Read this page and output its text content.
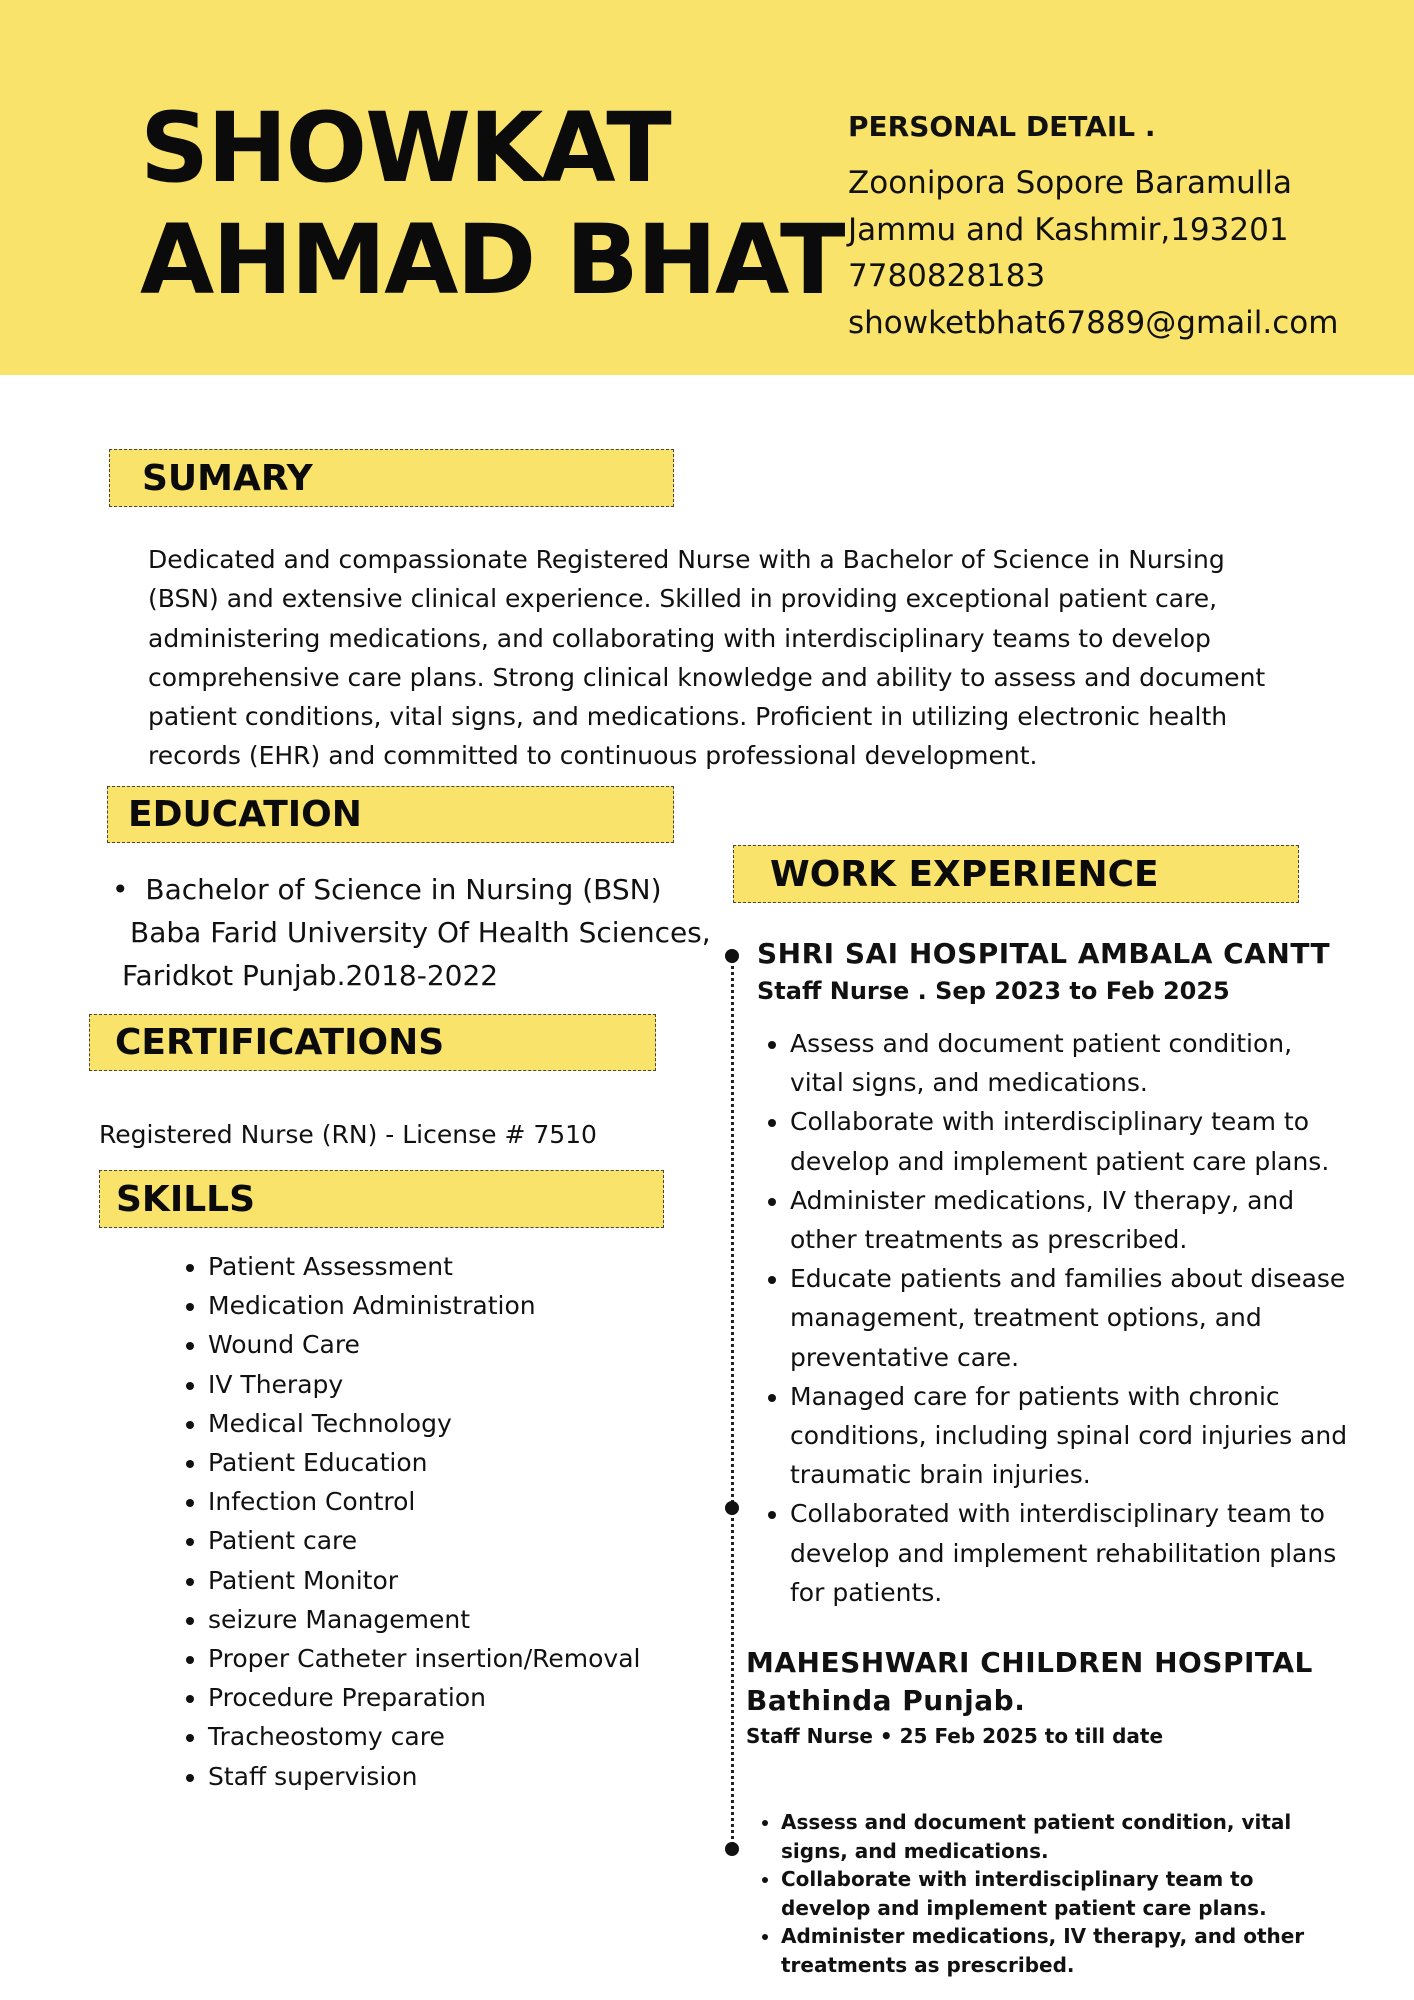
SHOWKAT
AHMAD BHAT
PERSONAL DETAIL .
Zoonipora Sopore Baramulla
Jammu and Kashmir,193201
7780828183
showketbhat67889@gmail.com
SUMARY
Dedicated and compassionate Registered Nurse with a Bachelor of Science in Nursing
(BSN) and extensive clinical experience. Skilled in providing exceptional patient care,
administering medications, and collaborating with interdisciplinary teams to develop
comprehensive care plans. Strong clinical knowledge and ability to assess and document
patient conditions, vital signs, and medications. Proficient in utilizing electronic health
records (EHR) and committed to continuous professional development.
EDUCATION
• Bachelor of Science in Nursing (BSN)
Baba Farid University Of Health Sciences,
Faridkot Punjab.2018-2022
CERTIFICATIONS
Registered Nurse (RN) - License # 7510
SKILLS
• Patient Assessment
• Medication Administration
• Wound Care
• IV Therapy
• Medical Technology
• Patient Education
• Infection Control
• Patient care
• Patient Monitor
• seizure Management
• Proper Catheter insertion/Removal
• Procedure Preparation
• Tracheostomy care
• Staff supervision
WORK EXPERIENCE
SHRI SAI HOSPITAL AMBALA CANTT
Staff Nurse . Sep 2023 to Feb 2025
• Assess and document patient condition, vital signs, and medications.
• Collaborate with interdisciplinary team to develop and implement patient care plans.
• Administer medications, IV therapy, and other treatments as prescribed.
• Educate patients and families about disease management, treatment options, and preventative care.
• Managed care for patients with chronic conditions, including spinal cord injuries and traumatic brain injuries.
• Collaborated with interdisciplinary team to develop and implement rehabilitation plans for patients.
MAHESHWARI CHILDREN HOSPITAL
Bathinda Punjab.
Staff Nurse • 25 Feb 2025 to till date
• Assess and document patient condition, vital signs, and medications.
• Collaborate with interdisciplinary team to develop and implement patient care plans.
• Administer medications, IV therapy, and other treatments as prescribed.
